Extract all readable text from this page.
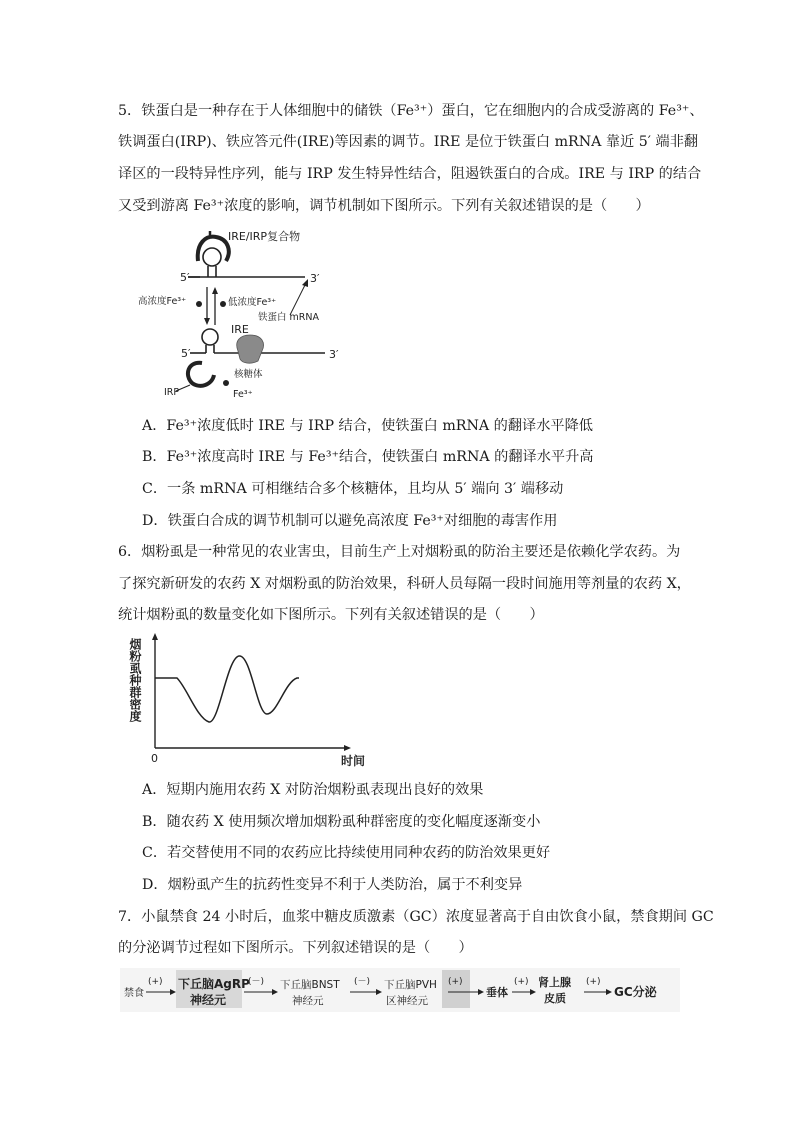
5．铁蛋白是一种存在于人体细胞中的储铁（Fe³⁺）蛋白，它在细胞内的合成受游离的 Fe³⁺、
铁调蛋白(IRP)、铁应答元件(IRE)等因素的调节。IRE 是位于铁蛋白 mRNA 靠近 5′ 端非翻
译区的一段特异性序列，能与 IRP 发生特异性结合，阻遏铁蛋白的合成。IRE 与 IRP 的结合
又受到游离 Fe³⁺浓度的影响，调节机制如下图所示。下列有关叙述错误的是（　　）
IRE/IRP复合物
5′	3′
高浓度Fe³⁺	低浓度Fe³⁺
铁蛋白 mRNA
IRE
5′	3′
核糖体
IRP	Fe³⁺
A．Fe³⁺浓度低时 IRE 与 IRP 结合，使铁蛋白 mRNA 的翻译水平降低
B．Fe³⁺浓度高时 IRE 与 Fe³⁺结合，使铁蛋白 mRNA 的翻译水平升高
C．一条 mRNA 可相继结合多个核糖体，且均从 5′ 端向 3′ 端移动
D．铁蛋白合成的调节机制可以避免高浓度 Fe³⁺对细胞的毒害作用
6．烟粉虱是一种常见的农业害虫，目前生产上对烟粉虱的防治主要还是依赖化学农药。为
了探究新研发的农药 X 对烟粉虱的防治效果，科研人员每隔一段时间施用等剂量的农药 X，
统计烟粉虱的数量变化如下图所示。下列有关叙述错误的是（　　）
0	时间
烟粉虱种群密度
A．短期内施用农药 X 对防治烟粉虱表现出良好的效果
B．随农药 X 使用频次增加烟粉虱种群密度的变化幅度逐渐变小
C．若交替使用不同的农药应比持续使用同种农药的防治效果更好
D．烟粉虱产生的抗药性变异不利于人类防治，属于不利变异
7．小鼠禁食 24 小时后，血浆中糖皮质激素（GC）浓度显著高于自由饮食小鼠，禁食期间 GC
的分泌调节过程如下图所示。下列叙述错误的是（　　）
禁食
(+) 下丘脑AgRP
神经元
(－) 下丘脑BNST
神经元
(－) 下丘脑PVH
区神经元
(+)
垂体
(+) 肾上腺
皮质
(+)
GC分泌
